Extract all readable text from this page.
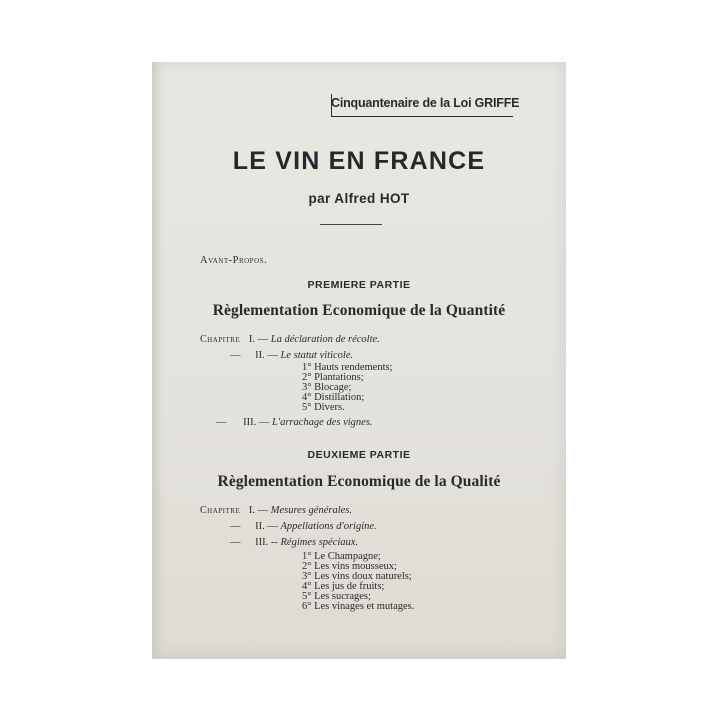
Cinquantenaire de la Loi GRIFFE
LE VIN EN FRANCE
par Alfred HOT
Avant-Propos.
PREMIERE PARTIE
Règlementation Economique de la Quantité
Chapitre I. — La déclaration de récolte.
— II. — Le statut viticole.
1° Hauts rendements;
2° Plantations;
3° Blocage;
4° Distillation;
5° Divers.
— III. — L'arrachage des vignes.
DEUXIEME PARTIE
Règlementation Economique de la Qualité
Chapitre I. — Mesures générales.
— II. — Appellations d'origine.
— III. -- Régimes spéciaux.
1° Le Champagne;
2° Les vins mousseux;
3° Les vins doux naturels;
4° Les jus de fruits;
5° Les sucrages;
6° Les vinages et mutages.
